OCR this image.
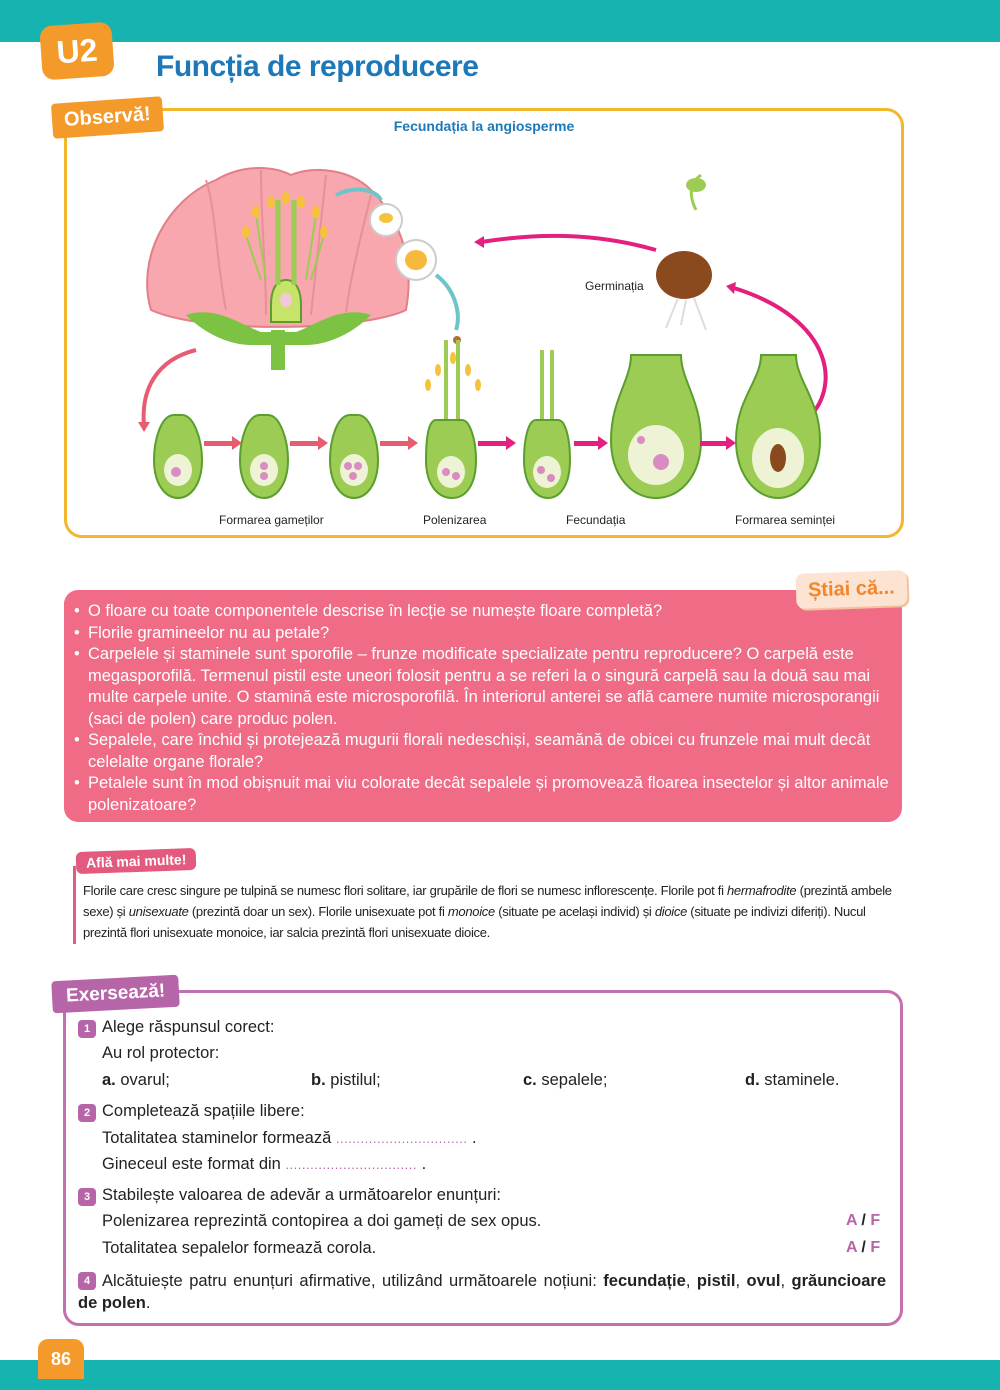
U2	Funcția de reproducere
Observă!	Fecundația la angiosperme
Germinația
Formarea gameților	Polenizarea	Fecundația	Formarea seminței
Știai că...
• O floare cu toate componentele descrise în lecție se numește floare completă?
• Florile gramineelor nu au petale?
• Carpelele și staminele sunt sporofile – frunze modificate specializate pentru reproducere? O carpelă este megasporofilă. Termenul pistil este uneori folosit pentru a se referi la o singură carpelă sau la două sau mai multe carpele unite. O stamină este microsporofilă. În interiorul anterei se află camere numite microsporangii (saci de polen) care produc polen.
• Sepalele, care închid și protejează mugurii florali nedeschiși, seamănă de obicei cu frunzele mai mult decât celelalte organe florale?
• Petalele sunt în mod obișnuit mai viu colorate decât sepalele și promovează floarea insectelor și altor animale polenizatoare?
Află mai multe!
Florile care cresc singure pe tulpină se numesc flori solitare, iar grupările de flori se numesc inflorescențe. Florile pot fi hermafrodite (prezintă ambele sexe) și unisexuate (prezintă doar un sex). Florile unisexuate pot fi monoice (situate pe același individ) și dioice (situate pe indivizi diferiți). Nucul prezintă flori unisexuate monoice, iar salcia prezintă flori unisexuate dioice.
Exersează!
1 Alege răspunsul corect:
Au rol protector:
a. ovarul;	b. pistilul;	c. sepalele;	d. staminele.
2 Completează spațiile libere:
Totalitatea staminelor formează ................................ .
Gineceul este format din ................................ .
3 Stabilește valoarea de adevăr a următoarelor enunțuri:
Polenizarea reprezintă contopirea a doi gameți de sex opus.	A / F
Totalitatea sepalelor formează corola.	A / F
4 Alcătuiește patru enunțuri afirmative, utilizând următoarele noțiuni: fecundație, pistil, ovul, grăuncioare de polen.
86
